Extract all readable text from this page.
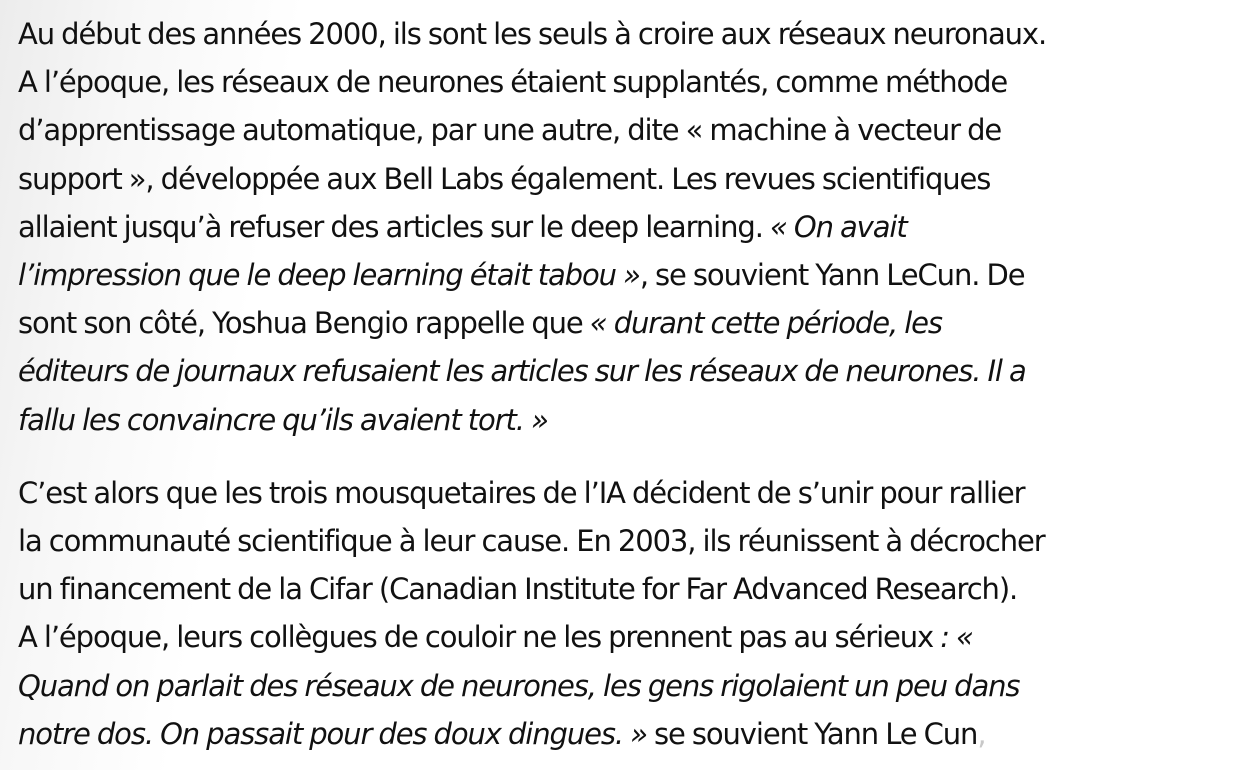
Au début des années 2000, ils sont les seuls à croire aux réseaux neuronaux.
A l’époque, les réseaux de neurones étaient supplantés, comme méthode
d’apprentissage automatique, par une autre, dite « machine à vecteur de
support », développée aux Bell Labs également. Les revues scientifiques
allaient jusqu’à refuser des articles sur le deep learning. « On avait
l’impression que le deep learning était tabou », se souvient Yann LeCun. De
sont son côté, Yoshua Bengio rappelle que « durant cette période, les
éditeurs de journaux refusaient les articles sur les réseaux de neurones. Il a
fallu les convaincre qu’ils avaient tort. »

C’est alors que les trois mousquetaires de l’IA décident de s’unir pour rallier
la communauté scientifique à leur cause. En 2003, ils réunissent à décrocher
un financement de la Cifar (Canadian Institute for Far Advanced Research).
A l’époque, leurs collègues de couloir ne les prennent pas au sérieux : «
Quand on parlait des réseaux de neurones, les gens rigolaient un peu dans
notre dos. On passait pour des doux dingues. » se souvient Yann Le Cun,
